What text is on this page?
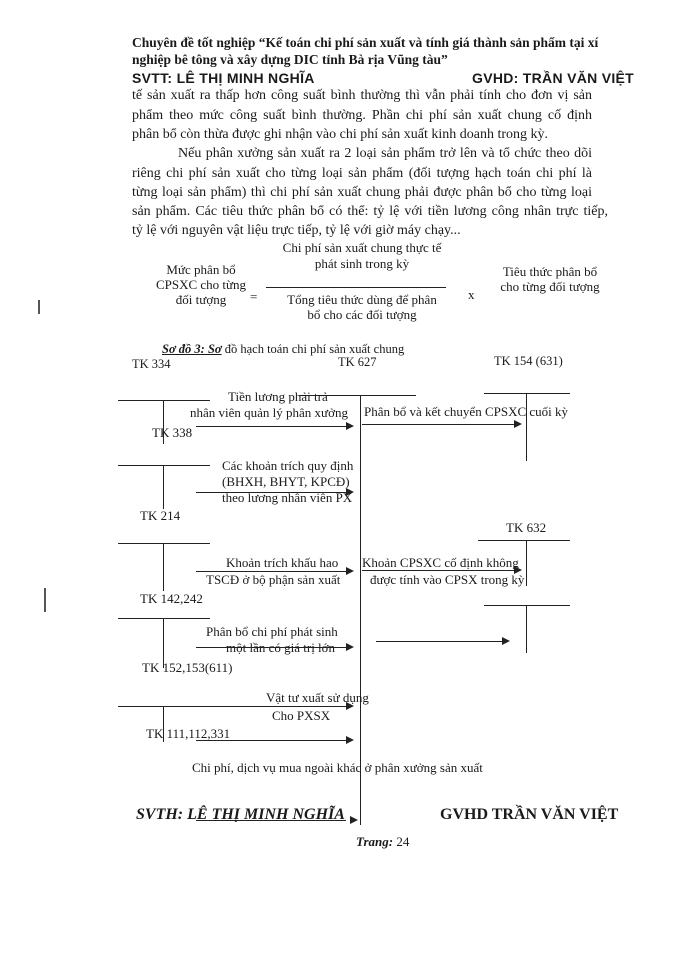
Chuyên đề tốt nghiệp “Kế toán chi phí sản xuất và tính giá thành sản phẩm tại xí
nghiệp bê tông và xây dựng DIC tỉnh Bà rịa Vũng tàu”
SVTT: LÊ THỊ MINH NGHĨA	GVHD: TRẦN VĂN VIỆT
tế sản xuất ra thấp hơn công suất bình thường thì vẫn phải tính cho đơn vị sản
phẩm theo mức công suất bình thường. Phần chi phí sản xuất chung cố định
phân bổ còn thừa được ghi nhận vào chi phí sản xuất kinh doanh trong kỳ.
Nếu phân xưởng sản xuất ra 2 loại sản phẩm trở lên và tổ chức theo dõi
riêng chi phí sản xuất cho từng loại sản phẩm (đối tượng hạch toán chi phí là
từng loại sản phẩm) thì chi phí sản xuất chung phải được phân bổ cho từng loại
sản phẩm. Các tiêu thức phân bổ có thể: tỷ lệ với tiền lương công nhân trực tiếp,
tỷ lệ với nguyên vật liệu trực tiếp, tỷ lệ với giờ máy chạy...
Mức phân bổ
CPSXC cho từng
đối tượng	=
Chi phí sản xuất chung thực tế
phát sinh trong kỳ
Tổng tiêu thức dùng để phân
bổ cho các đối tượng
x
Tiêu thức phân bổ
cho từng đối tượng
Sơ đồ 3: Sơ đồ hạch toán chi phí sản xuất chung
TK 334	TK 627	TK 154 (631)
Tiền lương phải trả
nhân viên quản lý phân xưởng
TK 338
Phân bổ và kết chuyển CPSXC cuối kỳ
Các khoản trích quy định
(BHXH, BHYT, KPCĐ)
theo lương nhân viên PX
TK 214
TK 632
Khoản trích khấu hao
TSCĐ ở bộ phận sản xuất
Khoản CPSXC cố định không
được tính vào CPSX trong kỳ
TK 142,242
Phân bổ chi phí phát sinh
một lần có giá trị lớn
TK 152,153(611)
Vật tư xuất sử dụng
Cho PXSX
TK 111,112,331
Chi phí, dịch vụ mua ngoài khác ở phân xưởng sản xuất
SVTH: LÊ THỊ MINH NGHĨA	GVHD TRẦN VĂN VIỆT
Trang: 24
